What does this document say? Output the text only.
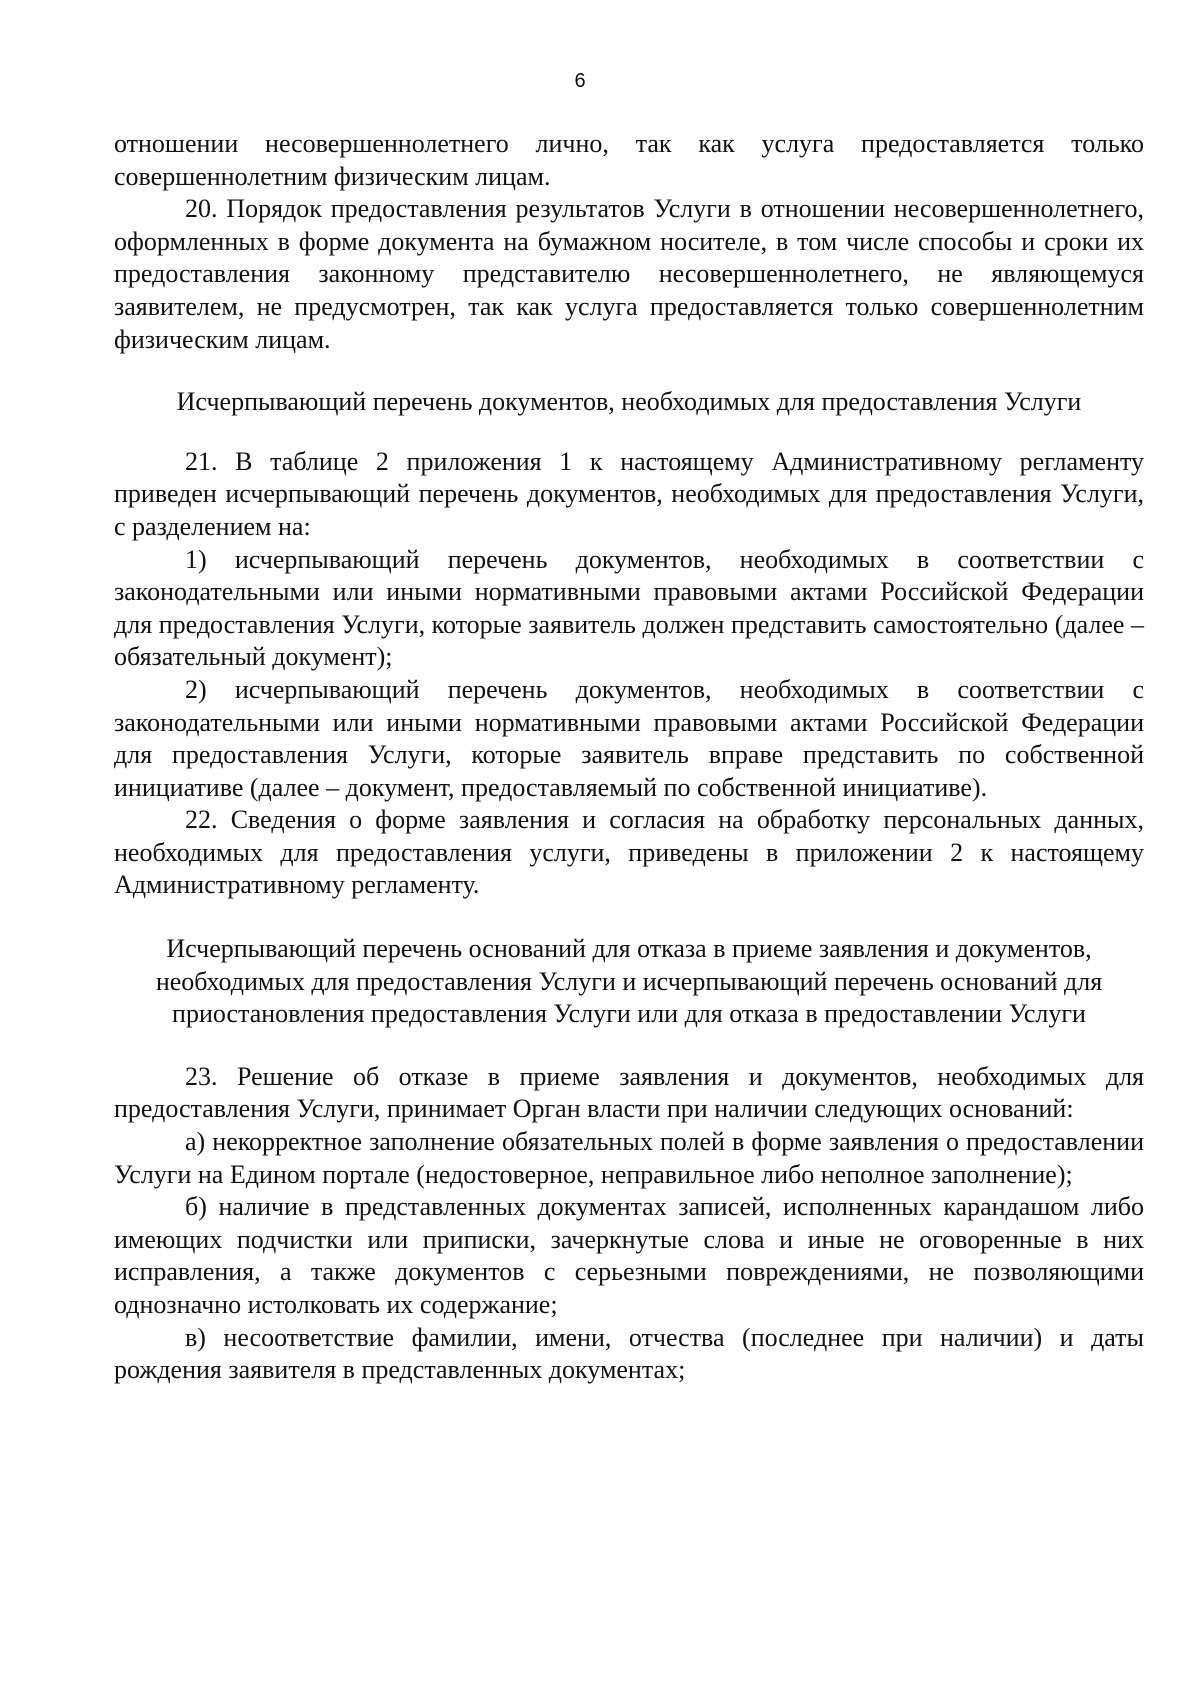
6

отношении несовершеннолетнего лично, так как услуга предоставляется только совершеннолетним физическим лицам.

20. Порядок предоставления результатов Услуги в отношении несовершеннолетнего, оформленных в форме документа на бумажном носителе, в том числе способы и сроки их предоставления законному представителю несовершеннолетнего, не являющемуся заявителем, не предусмотрен, так как услуга предоставляется только совершеннолетним физическим лицам.

Исчерпывающий перечень документов, необходимых для предоставления Услуги

21. В таблице 2 приложения 1 к настоящему Административному регламенту приведен исчерпывающий перечень документов, необходимых для предоставления Услуги, с разделением на:

1) исчерпывающий перечень документов, необходимых в соответствии с законодательными или иными нормативными правовыми актами Российской Федерации для предоставления Услуги, которые заявитель должен представить самостоятельно (далее – обязательный документ);

2) исчерпывающий перечень документов, необходимых в соответствии с законодательными или иными нормативными правовыми актами Российской Федерации для предоставления Услуги, которые заявитель вправе представить по собственной инициативе (далее – документ, предоставляемый по собственной инициативе).

22. Сведения о форме заявления и согласия на обработку персональных данных, необходимых для предоставления услуги, приведены в приложении 2 к настоящему Административному регламенту.

Исчерпывающий перечень оснований для отказа в приеме заявления и документов, необходимых для предоставления Услуги и исчерпывающий перечень оснований для приостановления предоставления Услуги или для отказа в предоставлении Услуги

23. Решение об отказе в приеме заявления и документов, необходимых для предоставления Услуги, принимает Орган власти при наличии следующих оснований:

а) некорректное заполнение обязательных полей в форме заявления о предоставлении Услуги на Едином портале (недостоверное, неправильное либо неполное заполнение);

б) наличие в представленных документах записей, исполненных карандашом либо имеющих подчистки или приписки, зачеркнутые слова и иные не оговоренные в них исправления, а также документов с серьезными повреждениями, не позволяющими однозначно истолковать их содержание;

в) несоответствие фамилии, имени, отчества (последнее при наличии) и даты рождения заявителя в представленных документах;
